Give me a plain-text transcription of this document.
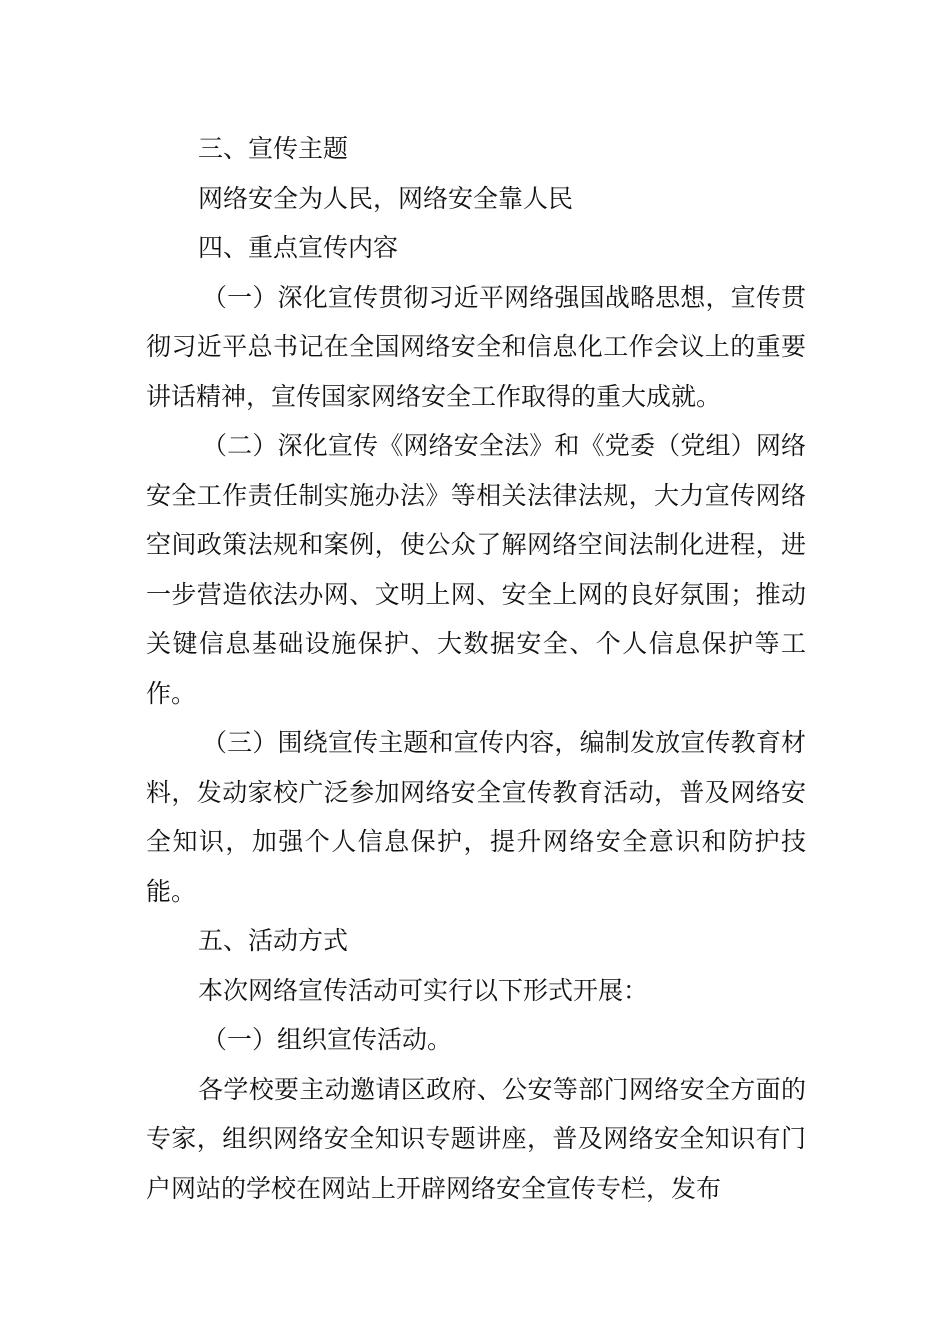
三、宣传主题

网络安全为人民，网络安全靠人民

四、重点宣传内容

（一）深化宣传贯彻习近平网络强国战略思想，宣传贯彻习近平总书记在全国网络安全和信息化工作会议上的重要讲话精神，宣传国家网络安全工作取得的重大成就。

（二）深化宣传《网络安全法》和《党委（党组）网络安全工作责任制实施办法》等相关法律法规，大力宣传网络空间政策法规和案例，使公众了解网络空间法制化进程，进一步营造依法办网、文明上网、安全上网的良好氛围；推动关键信息基础设施保护、大数据安全、个人信息保护等工作。

（三）围绕宣传主题和宣传内容，编制发放宣传教育材料，发动家校广泛参加网络安全宣传教育活动，普及网络安全知识，加强个人信息保护，提升网络安全意识和防护技能。

五、活动方式

本次网络宣传活动可实行以下形式开展：

（一）组织宣传活动。

各学校要主动邀请区政府、公安等部门网络安全方面的专家，组织网络安全知识专题讲座，普及网络安全知识有门户网站的学校在网站上开辟网络安全宣传专栏，发布
